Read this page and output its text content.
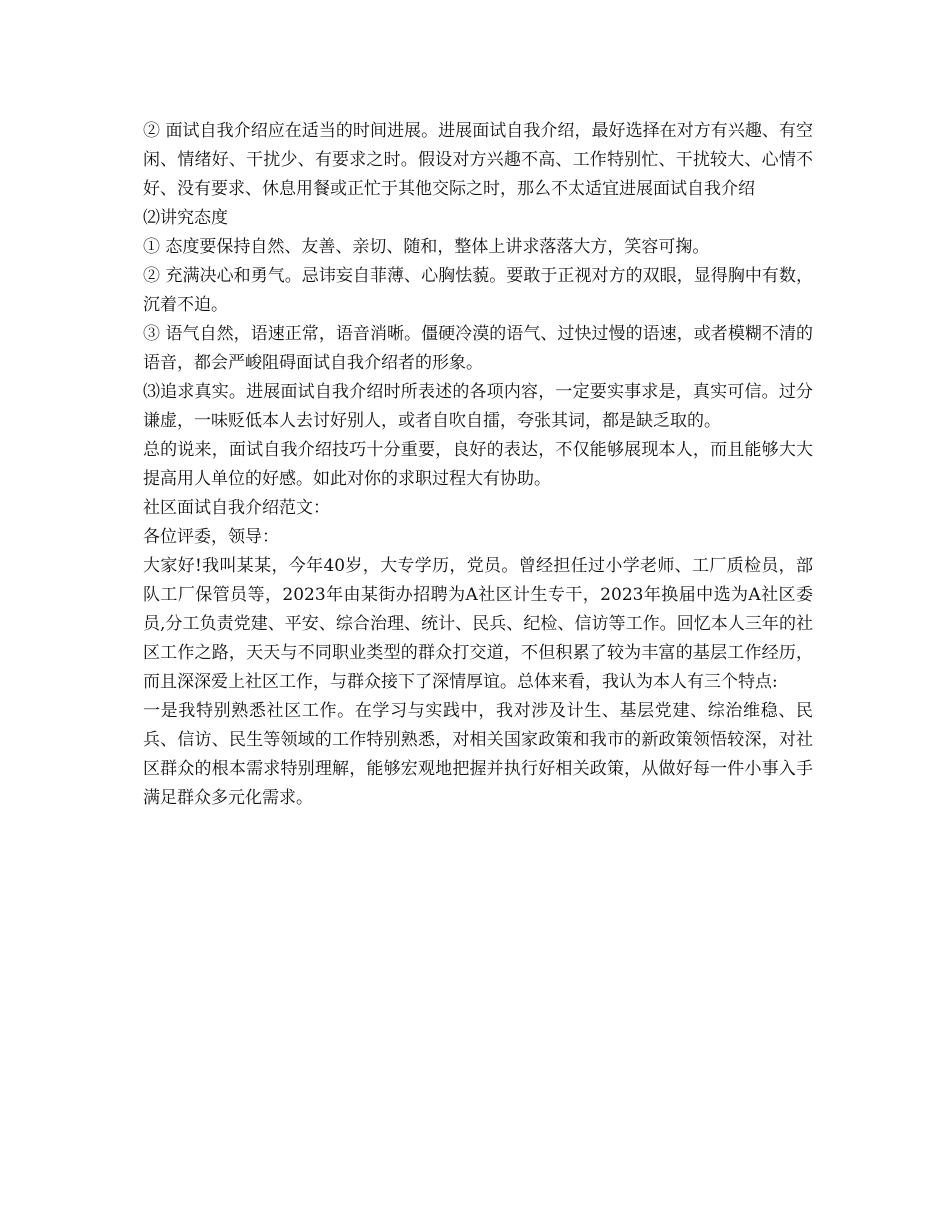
② 面试自我介绍应在适当的时间进展。进展面试自我介绍，最好选择在对方有兴趣、有空闲、情绪好、干扰少、有要求之时。假设对方兴趣不高、工作特别忙、干扰较大、心情不好、没有要求、休息用餐或正忙于其他交际之时，那么不太适宜进展面试自我介绍

⑵讲究态度

① 态度要保持自然、友善、亲切、随和，整体上讲求落落大方，笑容可掬。

② 充满决心和勇气。忌讳妄自菲薄、心胸怯藐。要敢于正视对方的双眼，显得胸中有数，沉着不迫。

③ 语气自然，语速正常，语音消晰。僵硬冷漠的语气、过快过慢的语速，或者模糊不清的语音，都会严峻阻碍面试自我介绍者的形象。

⑶追求真实。进展面试自我介绍时所表述的各项内容，一定要实事求是，真实可信。过分谦虚，一味贬低本人去讨好别人，或者自吹自擂，夸张其词，都是缺乏取的。

总的说来，面试自我介绍技巧十分重要，良好的表达，不仅能够展现本人，而且能够大大提高用人单位的好感。如此对你的求职过程大有协助。

社区面试自我介绍范文：

各位评委，领导：

大家好!我叫某某，今年40岁，大专学历，党员。曾经担任过小学老师、工厂质检员，部队工厂保管员等，2023年由某街办招聘为A社区计生专干，2023年换届中选为A社区委员,分工负责党建、平安、综合治理、统计、民兵、纪检、信访等工作。回忆本人三年的社区工作之路，天天与不同职业类型的群众打交道，不但积累了较为丰富的基层工作经历，而且深深爱上社区工作，与群众接下了深情厚谊。总体来看，我认为本人有三个特点:

一是我特别熟悉社区工作。在学习与实践中，我对涉及计生、基层党建、综治维稳、民兵、信访、民生等领域的工作特别熟悉，对相关国家政策和我市的新政策领悟较深，对社区群众的根本需求特别理解，能够宏观地把握并执行好相关政策，从做好每一件小事入手满足群众多元化需求。
